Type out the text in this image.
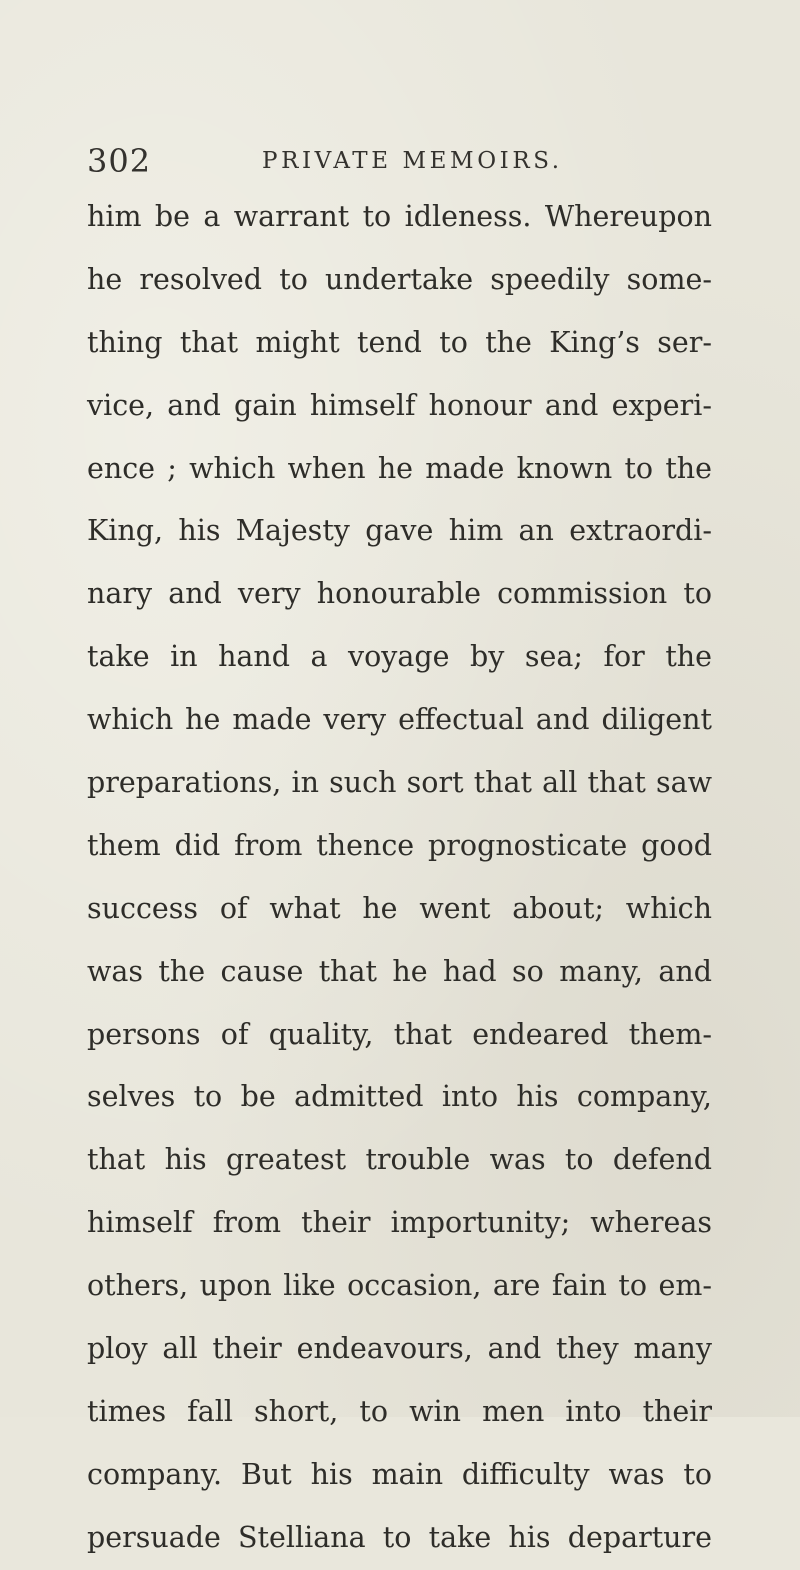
302	PRIVATE MEMOIRS.
him be a warrant to idleness. Whereupon
he resolved to undertake speedily some-
thing that might tend to the King’s ser-
vice, and gain himself honour and experi-
ence ; which when he made known to the
King, his Majesty gave him an extraordi-
nary and very honourable commission to
take in hand a voyage by sea; for the
which he made very effectual and diligent
preparations, in such sort that all that saw
them did from thence prognosticate good
success of what he went about; which
was the cause that he had so many, and
persons of quality, that endeared them-
selves to be admitted into his company,
that his greatest trouble was to defend
himself from their importunity; whereas
others, upon like occasion, are fain to em-
ploy all their endeavours, and they many
times fall short, to win men into their
company. But his main difficulty was to
persuade Stelliana to take his departure
